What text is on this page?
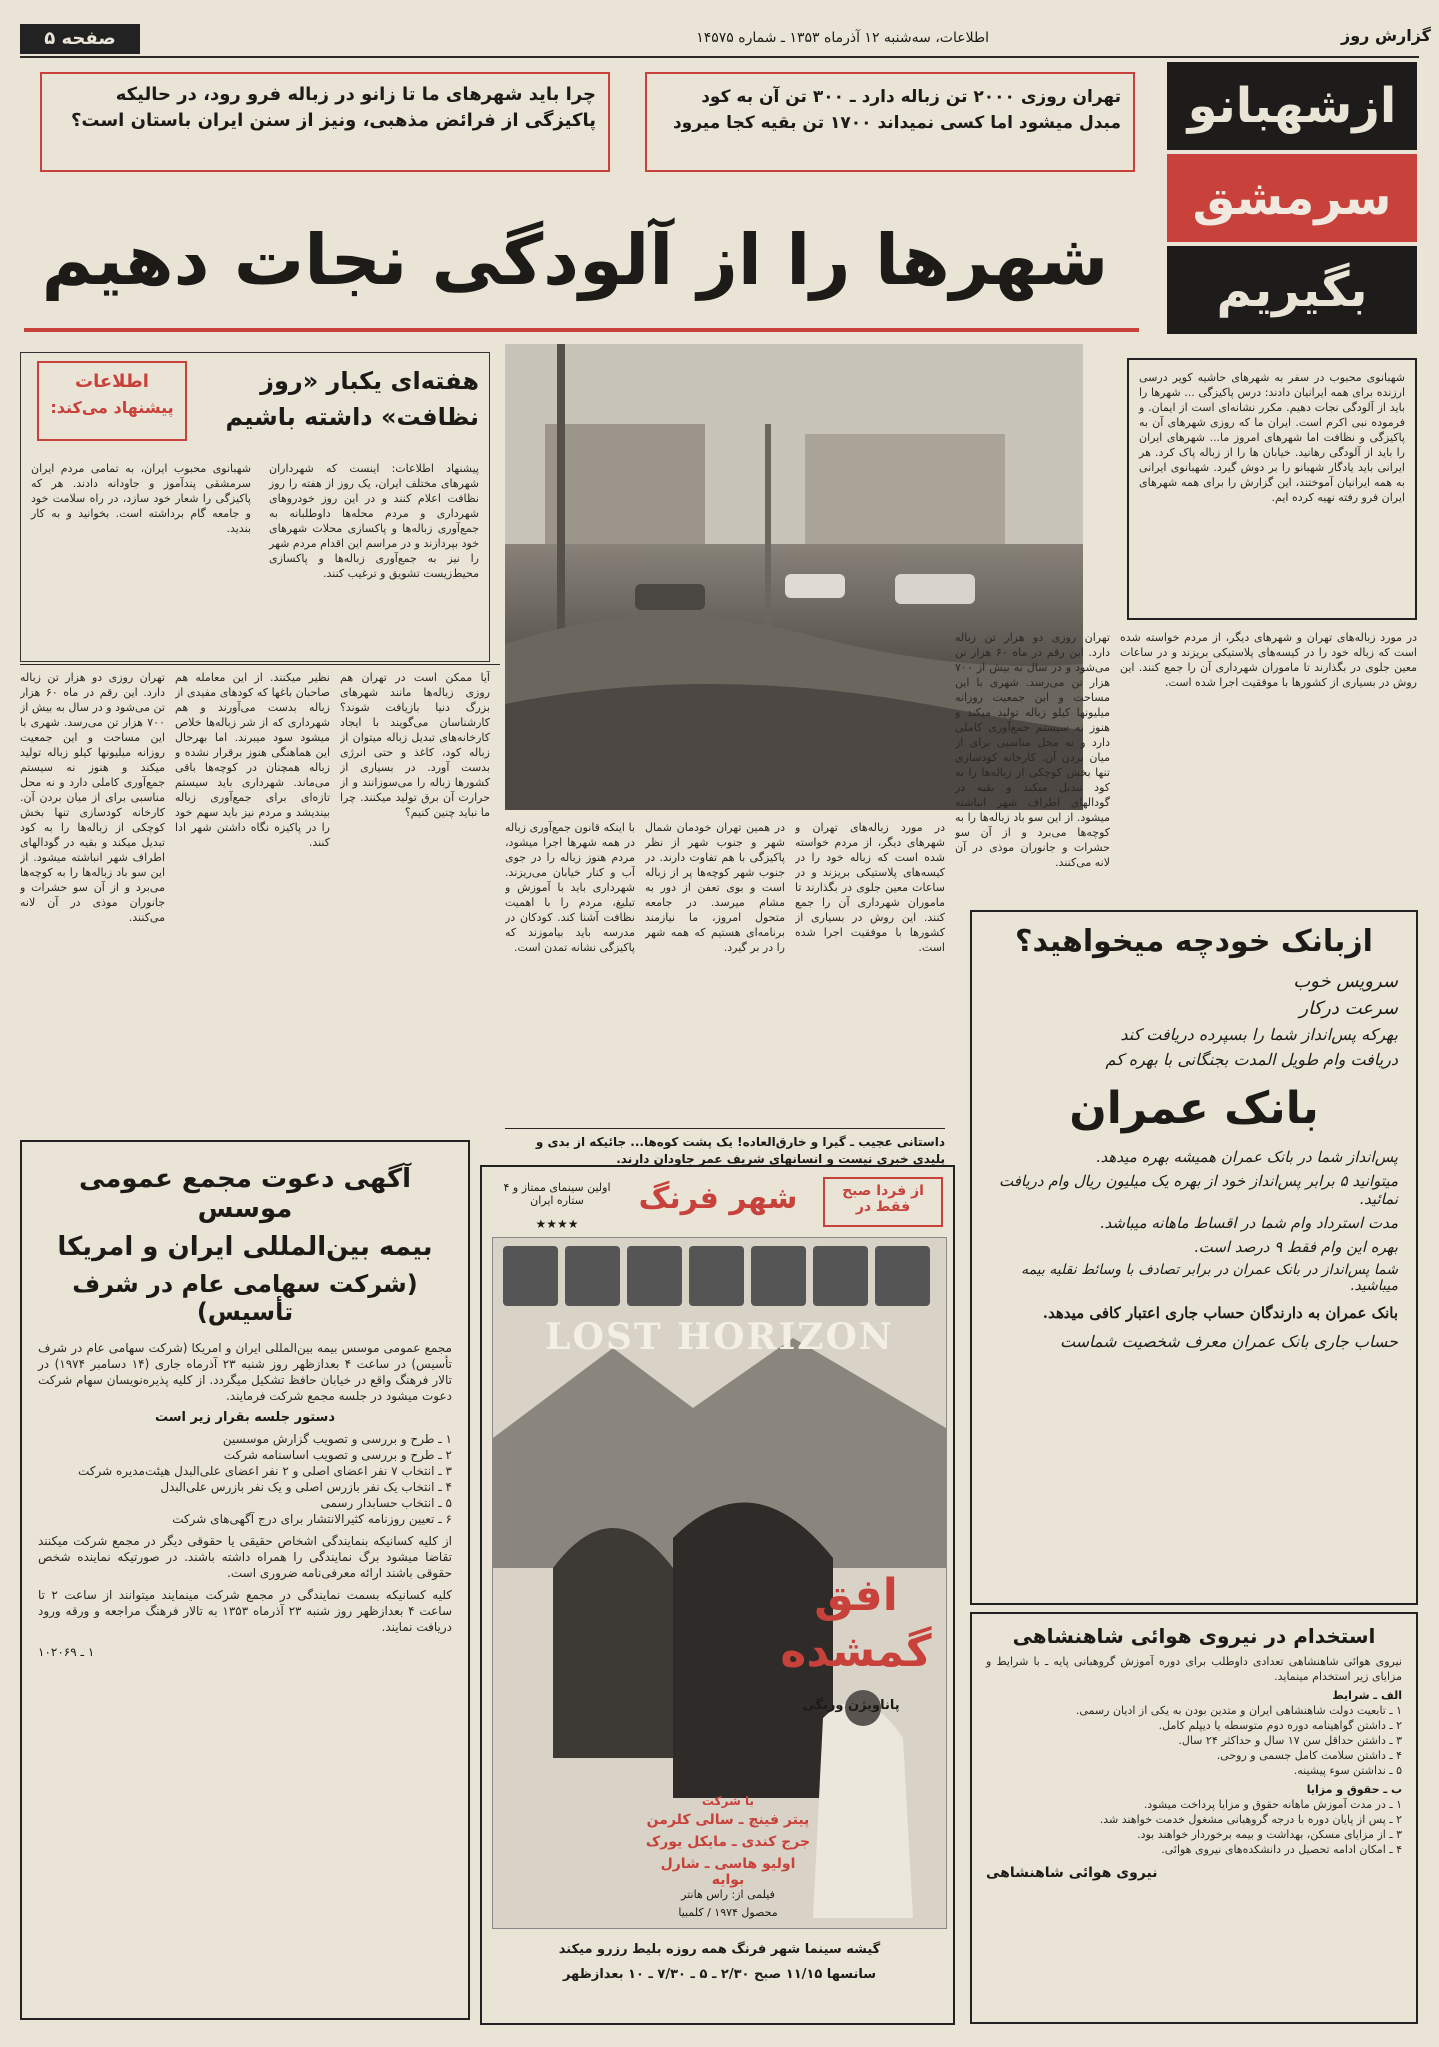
گزارش روز
اطلاعات، سه‌شنبه ۱۲ آذرماه ۱۳۵۳ ـ شماره ۱۴۵۷۵
صفحه ۵
ازشهبانو
سرمشق
بگیریم
چرا باید شهرهای ما تا زانو در زباله فرو رود، در حالیکه پاکیزگی از فرائض مذهبی، ونیز از سنن ایران باستان است؟
تهران روزی ۲۰۰۰ تن زباله دارد ـ ۳۰۰ تن آن به کود مبدل میشود اما کسی نمیداند ۱۷۰۰ تن بقیه کجا میرود
شهرها را از آلودگی نجات دهیم
شهبانوی محبوب در سفر به شهرهای حاشیه کویر درسی ارزنده برای همه ایرانیان دادند: درس پاکیزگی ... شهرها را باید از آلودگی نجات دهیم. مکرر نشانه‌ای است از ایمان. و فرموده نبی اکرم است. ایران ما که روزی شهرهای آن به پاکیزگی و نظافت اما شهرهای امروز ما... شهرهای ایران را باید از آلودگی رهانید. خیابان ها را از زباله پاک کرد. هر ایرانی باید یادگار شهبانو را بر دوش گیرد. شهبانوی ایرانی به همه ایرانیان آموختند، این گزارش را برای همه شهرهای ایران فرو رفته نهیه کرده ایم.
اطلاعات
پیشنهاد می‌کند:
هفته‌ای یکبار «روز نظافت» داشته باشیم
پیشنهاد اطلاعات: اینست که شهرداران شهرهای مختلف ایران، یک روز از هفته را روز نظافت اعلام کنند و در این روز خودروهای شهرداری و مردم محله‌ها داوطلبانه به جمع‌آوری زباله‌ها و پاکسازی محلات شهرهای خود بپردازند و در مراسم این اقدام مردم شهر را نیز به جمع‌آوری زباله‌ها و پاکسازی محیط‌زیست تشویق و ترغیب کنند.
شهبانوی محبوب ایران، به تمامی مردم ایران سرمشقی پندآموز و جاودانه دادند. هر که پاکیزگی را شعار خود سازد، در راه سلامت خود و جامعه گام برداشته است. بخوانید و به کار بندید.
تهران روزی دو هزار تن زباله دارد. این رقم در ماه ۶۰ هزار تن می‌شود و در سال به بیش از ۷۰۰ هزار تن می‌رسد. شهری با این مساحت و این جمعیت روزانه میلیونها کیلو زباله تولید میکند و هنوز نه سیستم جمع‌آوری کاملی دارد و نه محل مناسبی برای از میان بردن آن. کارخانه کودسازی تنها بخش کوچکی از زباله‌ها را به کود تبدیل میکند و بقیه در گودالهای اطراف شهر انباشته میشود. از این سو باد زباله‌ها را به کوچه‌ها می‌برد و از آن سو حشرات و جانوران موذی در آن لانه می‌کنند.
نظیر میکنند. از این معامله هم صاحبان باغها که کودهای مفیدی از زباله بدست می‌آورند و هم شهرداری که از شر زباله‌ها خلاص میشود سود میبرند. اما بهرحال این هماهنگی هنوز برقرار نشده و زباله همچنان در کوچه‌ها باقی می‌ماند. شهرداری باید سیستم تازه‌ای برای جمع‌آوری زباله بیندیشد و مردم نیز باید سهم خود را در پاکیزه نگاه داشتن شهر ادا کنند.
آیا ممکن است در تهران هم روزی زباله‌ها مانند شهرهای بزرگ دنیا بازیافت شوند؟ کارشناسان می‌گویند با ایجاد کارخانه‌های تبدیل زباله میتوان از زباله کود، کاغذ و حتی انرژی بدست آورد. در بسیاری از کشورها زباله را می‌سوزانند و از حرارت آن برق تولید میکنند. چرا ما نباید چنین کنیم؟
با اینکه قانون جمع‌آوری زباله در همه شهرها اجرا میشود، مردم هنوز زباله را در جوی آب و کنار خیابان می‌ریزند. شهرداری باید با آموزش و تبلیغ، مردم را با اهمیت نظافت آشنا کند. کودکان در مدرسه باید بیاموزند که پاکیزگی نشانه تمدن است.
در همین تهران خودمان شمال شهر و جنوب شهر از نظر پاکیزگی با هم تفاوت دارند. در جنوب شهر کوچه‌ها پر از زباله است و بوی تعفن از دور به مشام میرسد. در جامعه متحول امروز، ما نیازمند برنامه‌ای هستیم که همه شهر را در بر گیرد.
در مورد زباله‌های تهران و شهرهای دیگر، از مردم خواسته شده است که زباله خود را در کیسه‌های پلاستیکی بریزند و در ساعات معین جلوی در بگذارند تا ماموران شهرداری آن را جمع کنند. این روش در بسیاری از کشورها با موفقیت اجرا شده است.
تهران روزی دو هزار تن زباله دارد. این رقم در ماه ۶۰ هزار تن می‌شود و در سال به بیش از ۷۰۰ هزار تن می‌رسد. شهری با این مساحت و این جمعیت روزانه میلیونها کیلو زباله تولید میکند و هنوز نه سیستم جمع‌آوری کاملی دارد و نه محل مناسبی برای از میان بردن آن. کارخانه کودسازی تنها بخش کوچکی از زباله‌ها را به کود تبدیل میکند و بقیه در گودالهای اطراف شهر انباشته میشود. از این سو باد زباله‌ها را به کوچه‌ها می‌برد و از آن سو حشرات و جانوران موذی در آن لانه می‌کنند.
در مورد زباله‌های تهران و شهرهای دیگر، از مردم خواسته شده است که زباله خود را در کیسه‌های پلاستیکی بریزند و در ساعات معین جلوی در بگذارند تا ماموران شهرداری آن را جمع کنند. این روش در بسیاری از کشورها با موفقیت اجرا شده است.
داستانی عجیب ـ گیرا و خارق‌العاده! یک پشت کوه‌ها... جائیکه از بدی و پلیدی خبری نیست و انسانهای شریف عمر جاودان دارند.
ازبانک خودچه میخواهید؟
سرویس خوب
سرعت درکار
بهرکه پس‌انداز شما را بسپرده دریافت کند
دریافت وام طویل المدت بجنگانی با بهره کم
بانک عمران
پس‌انداز شما در بانک عمران همیشه بهره میدهد.
میتوانید ۵ برابر پس‌انداز خود از بهره یک میلیون ریال وام دریافت نمائید.
مدت استرداد وام شما در اقساط ماهانه میباشد.
بهره این وام فقط ۹ درصد است.
شما پس‌انداز در بانک عمران در برابر تصادف با وسائط نقلیه بیمه میباشید.
بانک عمران به دارندگان حساب جاری اعتبار کافی میدهد.
حساب جاری بانک عمران معرف شخصیت شماست
استخدام در نیروی هوائی شاهنشاهی
نیروی هوائی شاهنشاهی تعدادی داوطلب برای دوره آموزش گروهبانی پایه ـ با شرایط و مزایای زیر استخدام مینماید.
الف ـ شرایط
۱ ـ تابعیت دولت شاهنشاهی ایران و متدین بودن به یکی از ادیان رسمی.
۲ ـ داشتن گواهینامه دوره دوم متوسطه یا دیپلم کامل.
۳ ـ داشتن حداقل سن ۱۷ سال و حداکثر ۲۴ سال.
۴ ـ داشتن سلامت کامل جسمی و روحی.
۵ ـ نداشتن سوء پیشینه.
ب ـ حقوق و مزایا
۱ ـ در مدت آموزش ماهانه حقوق و مزایا پرداخت میشود.
۲ ـ پس از پایان دوره با درجه گروهبانی مشغول خدمت خواهند شد.
۳ ـ از مزایای مسکن، بهداشت و بیمه برخوردار خواهند بود.
۴ ـ امکان ادامه تحصیل در دانشکده‌های نیروی هوائی.
نیروی هوائی شاهنشاهی
آگهی دعوت مجمع عمومی موسس
بیمه بین‌المللی ایران و امریکا
(شرکت سهامی عام در شرف تأسیس)
مجمع عمومی موسس بیمه بین‌المللی ایران و امریکا (شرکت سهامی عام در شرف تأسیس) در ساعت ۴ بعدازظهر روز شنبه ۲۳ آذرماه جاری (۱۴ دسامبر ۱۹۷۴) در تالار فرهنگ واقع در خیابان حافظ تشکیل میگردد. از کلیه پذیره‌نویسان سهام شرکت دعوت میشود در جلسه مجمع شرکت فرمایند.
دستور جلسه بقرار زیر است
۱ ـ طرح و بررسی و تصویب گزارش موسسین
۲ ـ طرح و بررسی و تصویب اساسنامه شرکت
۳ ـ انتخاب ۷ نفر اعضای اصلی و ۲ نفر اعضای علی‌البدل هیئت‌مدیره شرکت
۴ ـ انتخاب یک نفر بازرس اصلی و یک نفر بازرس علی‌البدل
۵ ـ انتخاب حسابدار رسمی
۶ ـ تعیین روزنامه کثیرالانتشار برای درج آگهی‌های شرکت
از کلیه کسانیکه بنمایندگی اشخاص حقیقی یا حقوقی دیگر در مجمع شرکت میکنند تقاضا میشود برگ نمایندگی را همراه داشته باشند. در صورتیکه نماینده شخص حقوقی باشند ارائه معرفی‌نامه ضروری است.
کلیه کسانیکه بسمت نمایندگی در مجمع شرکت مینمایند میتوانند از ساعت ۲ تا ساعت ۴ بعدازظهر روز شنبه ۲۳ آذرماه ۱۳۵۳ به تالار فرهنگ مراجعه و ورقه ورود دریافت نمایند.
۱ ـ ۱۰۲۰۶۹
از فردا صبح فقط در
شهر فرنگ
اولین سینمای ممتاز و ۴ ستاره ایران
★★★★
LOST HORIZON
افق گمشده
پاناویژن ورنگی
با شرکت
پیتر فینچ ـ سالی کلرمن
جرج کندی ـ مایکل یورک
اولیو هاسی ـ شارل بوایه
فیلمی از: راس هانتر
محصول ۱۹۷۴ / کلمبیا
گیشه سینما شهر فرنگ همه روزه بلیط رزرو میکند
سانسها ۱۱/۱۵ صبح ۲/۳۰ ـ ۵ ـ ۷/۳۰ ـ ۱۰ بعدازظهر
